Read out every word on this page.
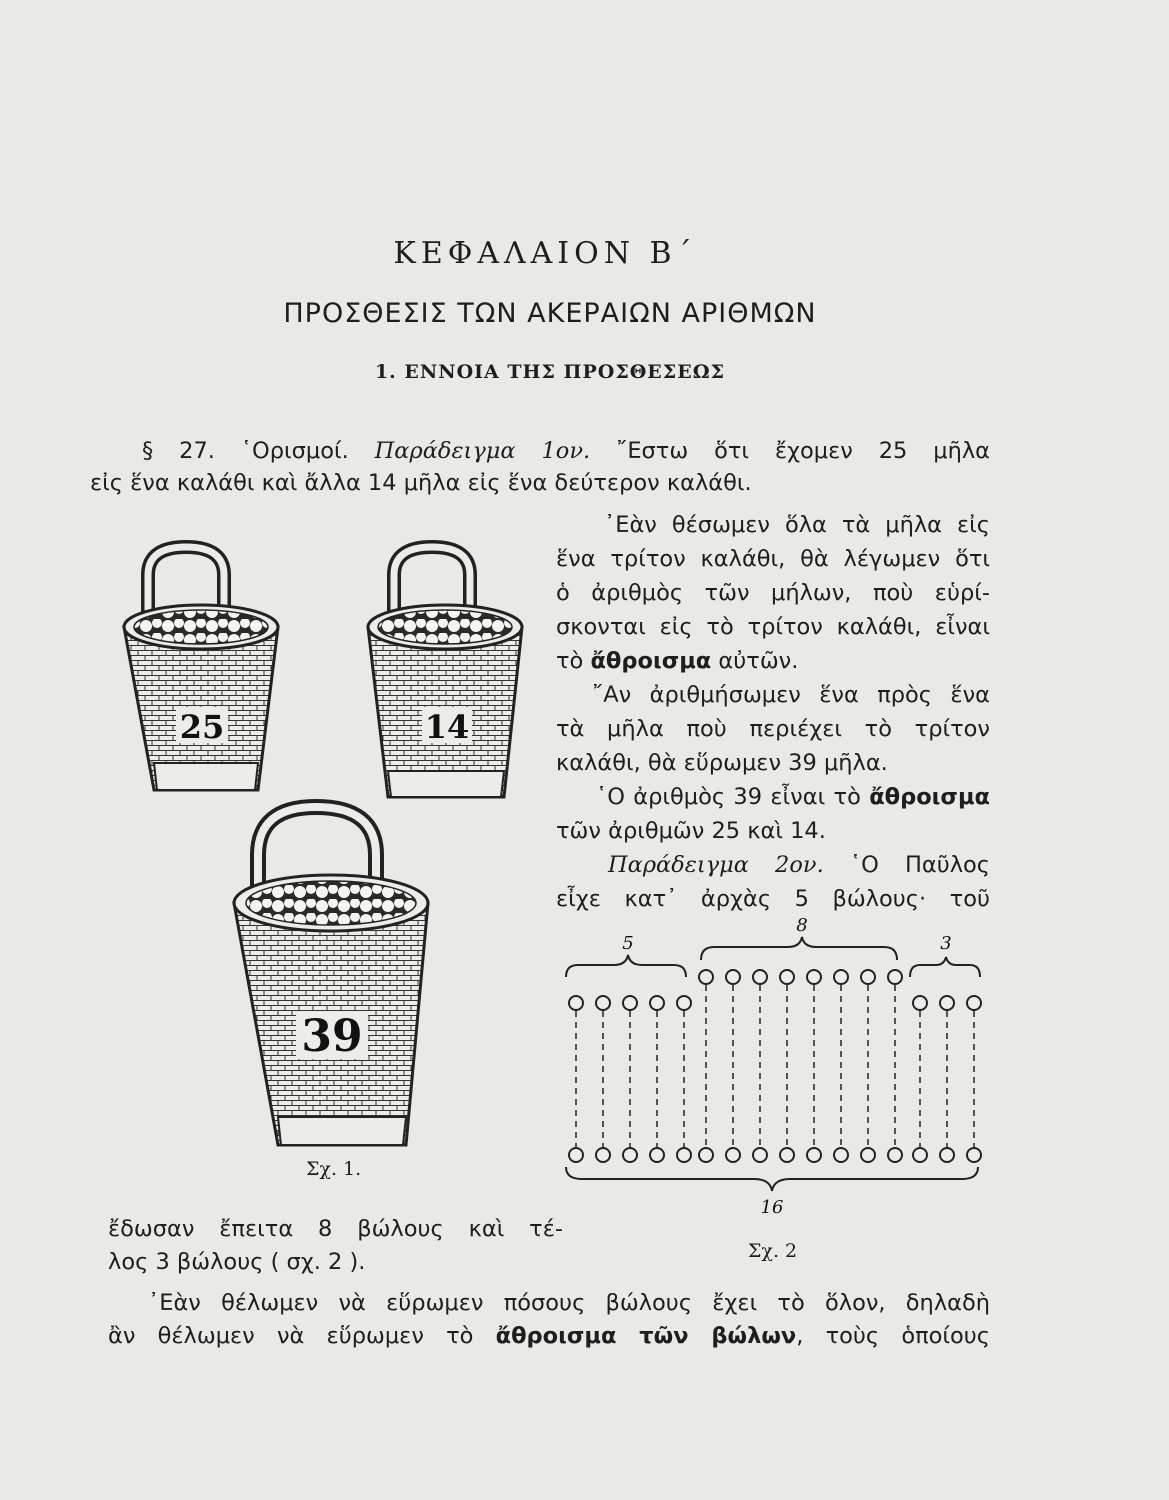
ΚΕΦΑΛΑΙΟΝ Β΄
ΠΡΟΣΘΕΣΙΣ ΤΩΝ ΑΚΕΡΑΙΩΝ ΑΡΙΘΜΩΝ
1. ΕΝΝΟΙΑ ΤΗΣ ΠΡΟΣΘΕΣΕΩΣ
§ 27. ῾Ορισμοί. Παράδειγμα 1ον. ῎Εστω ὅτι ἔχομεν 25 μῆλα
εἰς ἕνα καλάθι καὶ ἄλλα 14 μῆλα εἰς ἕνα δεύτερον καλάθι.
᾿Εὰν θέσωμεν ὅλα τὰ μῆλα εἰς
ἕνα τρίτον καλάθι, θὰ λέγωμεν ὅτι
ὁ ἀριθμὸς τῶν μήλων, ποὺ εὑρί-
σκονται εἰς τὸ τρίτον καλάθι, εἶναι
τὸ ἄθροισμα αὐτῶν.
῎Αν ἀριθμήσωμεν ἕνα πρὸς ἕνα
τὰ μῆλα ποὺ περιέχει τὸ τρίτον
καλάθι, θὰ εὕρωμεν 39 μῆλα.
῾Ο ἀριθμὸς 39 εἶναι τὸ ἄθροισμα
τῶν ἀριθμῶν 25 καὶ 14.
Παράδειγμα 2ον. ῾Ο Παῦλος
εἶχε κατ᾿ ἀρχὰς 5 βώλους· τοῦ
25	14
39
Σχ. 1.
5
8
3
16
Σχ. 2
ἔδωσαν ἔπειτα 8 βώλους καὶ τέ-
λος 3 βώλους ( σχ. 2 ).
᾿Εὰν θέλωμεν νὰ εὕρωμεν πόσους βώλους ἔχει τὸ ὅλον, δηλαδὴ
ἂν θέλωμεν νὰ εὕρωμεν τὸ ἄθροισμα τῶν βώλων, τοὺς ὁποίους
